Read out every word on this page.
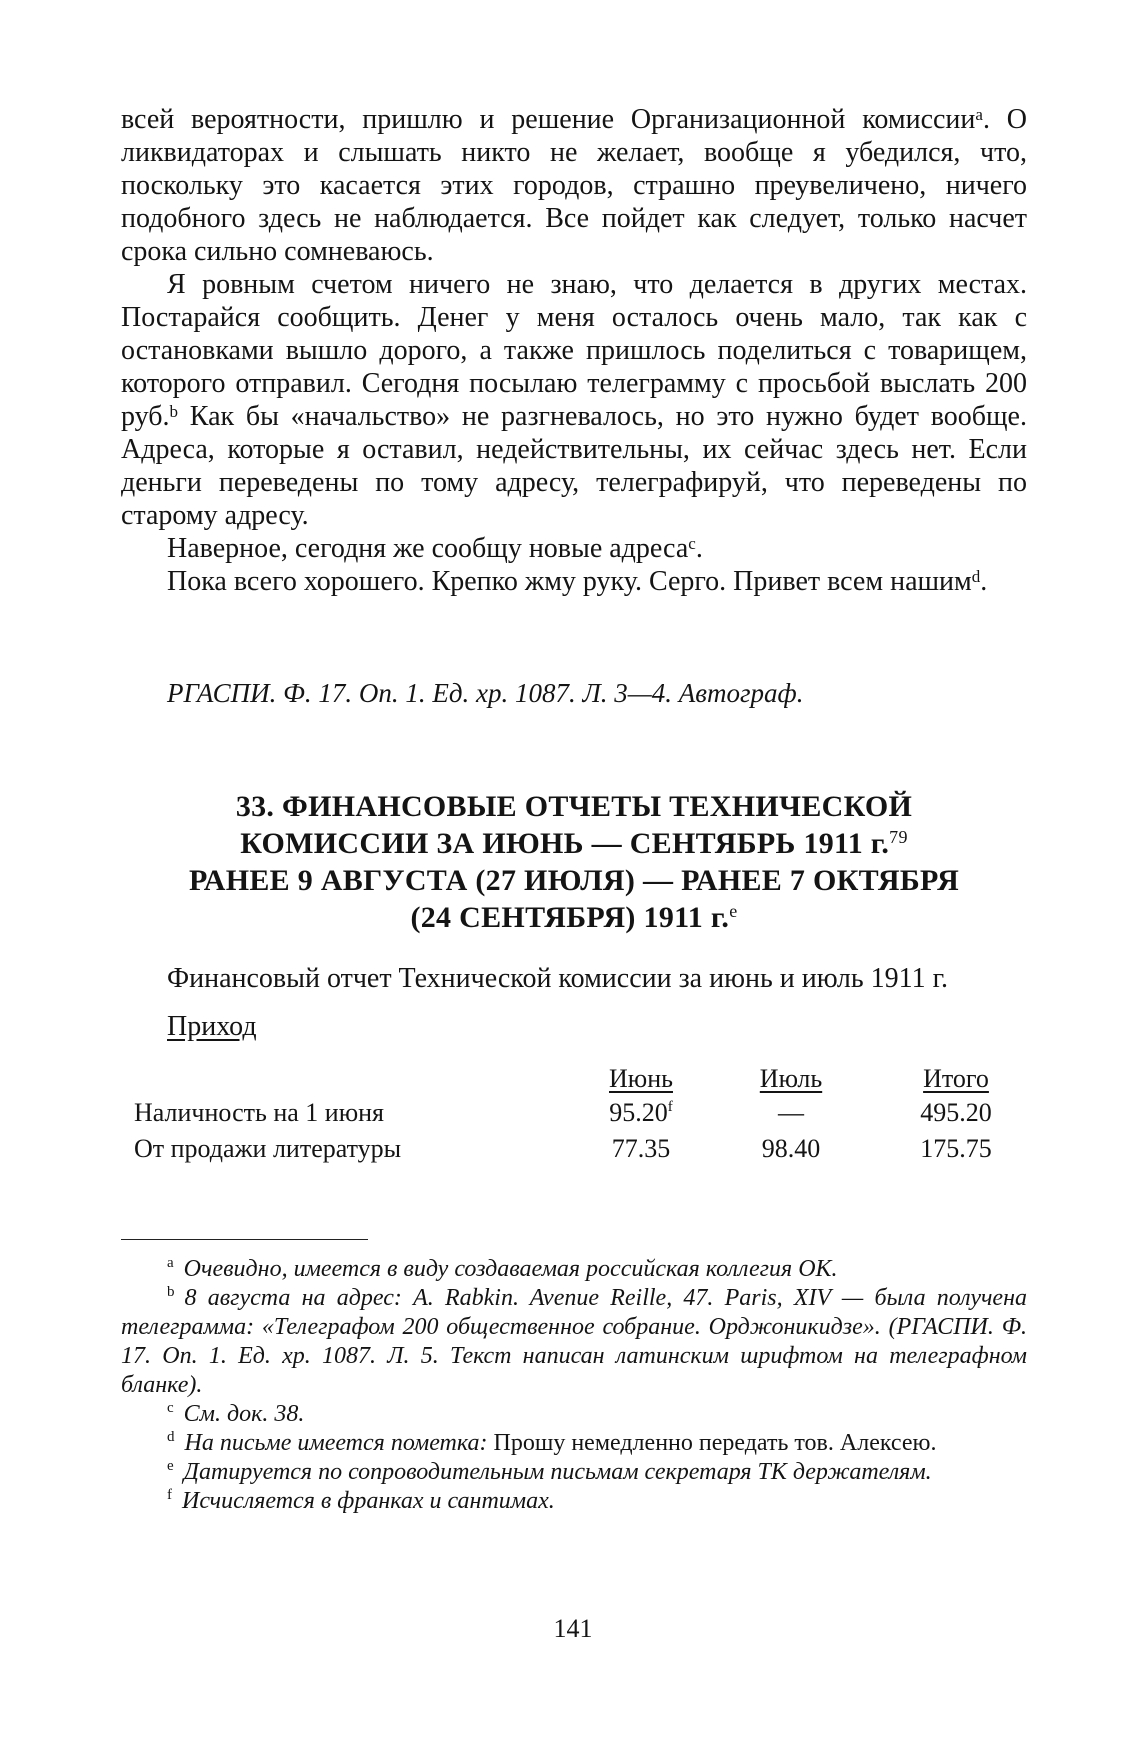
всей вероятности, пришлю и решение Организационной комиссии$^a$. О ликвидаторах и слышать никто не желает, вообще я убедился, что, поскольку это касается этих городов, страшно преувеличено, ничего подобного здесь не наблюдается. Все пойдет как следует, только насчет срока сильно сомневаюсь.

Я ровным счетом ничего не знаю, что делается в других местах. Постарайся сообщить. Денег у меня осталось очень мало, так как с остановками вышло дорого, а также пришлось поделиться с товарищем, которого отправил. Сегодня посылаю телеграмму с просьбой выслать 200 руб.$^b$ Как бы «начальство» не разгневалось, но это нужно будет вообще. Адреса, которые я оставил, недействительны, их сейчас здесь нет. Если деньги переведены по тому адресу, телеграфируй, что переведены по старому адресу.

Наверное, сегодня же сообщу новые адреса$^c$.

Пока всего хорошего. Крепко жму руку. Серго. Привет всем нашим$^d$.

РГАСПИ. Ф. 17. Оп. 1. Ед. хр. 1087. Л. 3—4. Автограф.
33. ФИНАНСОВЫЕ ОТЧЕТЫ ТЕХНИЧЕСКОЙ
КОМИССИИ ЗА ИЮНЬ — СЕНТЯБРЬ 1911 г.$^{79}$
РАНЕЕ 9 АВГУСТА (27 ИЮЛЯ) — РАНЕЕ 7 ОКТЯБРЯ
(24 СЕНТЯБРЯ) 1911 г.$^e$
Финансовый отчет Технической комиссии за июнь и июль 1911 г.
Приход
Июнь	Июль	Итого
Наличность на 1 июня	95.20$^f$	—	495.20
От продажи литературы	77.35	98.40	175.75

$^a$ Очевидно, имеется в виду создаваемая российская коллегия ОК.

$^b$ 8 августа на адрес: A. Rabkin. Avenue Reille, 47. Paris, XIV — была получена телеграмма: «Телеграфом 200 общественное собрание. Орджоникидзе». (РГАСПИ. Ф. 17. Оп. 1. Ед. хр. 1087. Л. 5. Текст написан латинским шрифтом на телеграфном бланке).

$^c$ См. док. 38.

$^d$ На письме имеется пометка: Прошу немедленно передать тов. Алексею.

$^e$ Датируется по сопроводительным письмам секретаря ТК держателям.

$^f$ Исчисляется в франках и сантимах.

141
